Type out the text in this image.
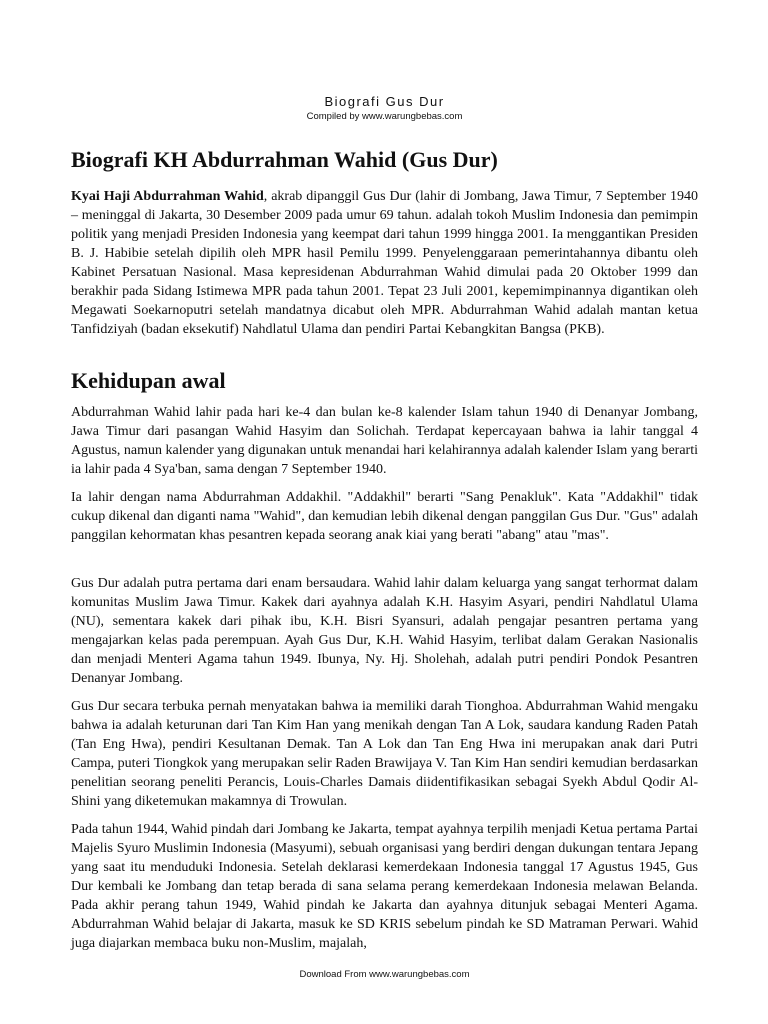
Biografi Gus Dur
Compiled by www.warungbebas.com
Biografi KH Abdurrahman Wahid (Gus Dur)

Kyai Haji Abdurrahman Wahid, akrab dipanggil Gus Dur (lahir di Jombang, Jawa Timur, 7 September 1940 – meninggal di Jakarta, 30 Desember 2009 pada umur 69 tahun. adalah tokoh Muslim Indonesia dan pemimpin politik yang menjadi Presiden Indonesia yang keempat dari tahun 1999 hingga 2001. Ia menggantikan Presiden B. J. Habibie setelah dipilih oleh MPR hasil Pemilu 1999. Penyelenggaraan pemerintahannya dibantu oleh Kabinet Persatuan Nasional. Masa kepresidenan Abdurrahman Wahid dimulai pada 20 Oktober 1999 dan berakhir pada Sidang Istimewa MPR pada tahun 2001. Tepat 23 Juli 2001, kepemimpinannya digantikan oleh Megawati Soekarnoputri setelah mandatnya dicabut oleh MPR. Abdurrahman Wahid adalah mantan ketua Tanfidziyah (badan eksekutif) Nahdlatul Ulama dan pendiri Partai Kebangkitan Bangsa (PKB).

Kehidupan awal

Abdurrahman Wahid lahir pada hari ke-4 dan bulan ke-8 kalender Islam tahun 1940 di Denanyar Jombang, Jawa Timur dari pasangan Wahid Hasyim dan Solichah. Terdapat kepercayaan bahwa ia lahir tanggal 4 Agustus, namun kalender yang digunakan untuk menandai hari kelahirannya adalah kalender Islam yang berarti ia lahir pada 4 Sya'ban, sama dengan 7 September 1940.

Ia lahir dengan nama Abdurrahman Addakhil. "Addakhil" berarti "Sang Penakluk". Kata "Addakhil" tidak cukup dikenal dan diganti nama "Wahid", dan kemudian lebih dikenal dengan panggilan Gus Dur. "Gus" adalah panggilan kehormatan khas pesantren kepada seorang anak kiai yang berati "abang" atau "mas".

Gus Dur adalah putra pertama dari enam bersaudara. Wahid lahir dalam keluarga yang sangat terhormat dalam komunitas Muslim Jawa Timur. Kakek dari ayahnya adalah K.H. Hasyim Asyari, pendiri Nahdlatul Ulama (NU), sementara kakek dari pihak ibu, K.H. Bisri Syansuri, adalah pengajar pesantren pertama yang mengajarkan kelas pada perempuan. Ayah Gus Dur, K.H. Wahid Hasyim, terlibat dalam Gerakan Nasionalis dan menjadi Menteri Agama tahun 1949. Ibunya, Ny. Hj. Sholehah, adalah putri pendiri Pondok Pesantren Denanyar Jombang.

Gus Dur secara terbuka pernah menyatakan bahwa ia memiliki darah Tionghoa. Abdurrahman Wahid mengaku bahwa ia adalah keturunan dari Tan Kim Han yang menikah dengan Tan A Lok, saudara kandung Raden Patah (Tan Eng Hwa), pendiri Kesultanan Demak. Tan A Lok dan Tan Eng Hwa ini merupakan anak dari Putri Campa, puteri Tiongkok yang merupakan selir Raden Brawijaya V. Tan Kim Han sendiri kemudian berdasarkan penelitian seorang peneliti Perancis, Louis-Charles Damais diidentifikasikan sebagai Syekh Abdul Qodir Al-Shini yang diketemukan makamnya di Trowulan.

Pada tahun 1944, Wahid pindah dari Jombang ke Jakarta, tempat ayahnya terpilih menjadi Ketua pertama Partai Majelis Syuro Muslimin Indonesia (Masyumi), sebuah organisasi yang berdiri dengan dukungan tentara Jepang yang saat itu menduduki Indonesia. Setelah deklarasi kemerdekaan Indonesia tanggal 17 Agustus 1945, Gus Dur kembali ke Jombang dan tetap berada di sana selama perang kemerdekaan Indonesia melawan Belanda. Pada akhir perang tahun 1949, Wahid pindah ke Jakarta dan ayahnya ditunjuk sebagai Menteri Agama. Abdurrahman Wahid belajar di Jakarta, masuk ke SD KRIS sebelum pindah ke SD Matraman Perwari. Wahid juga diajarkan membaca buku non-Muslim, majalah,

Download From www.warungbebas.com
